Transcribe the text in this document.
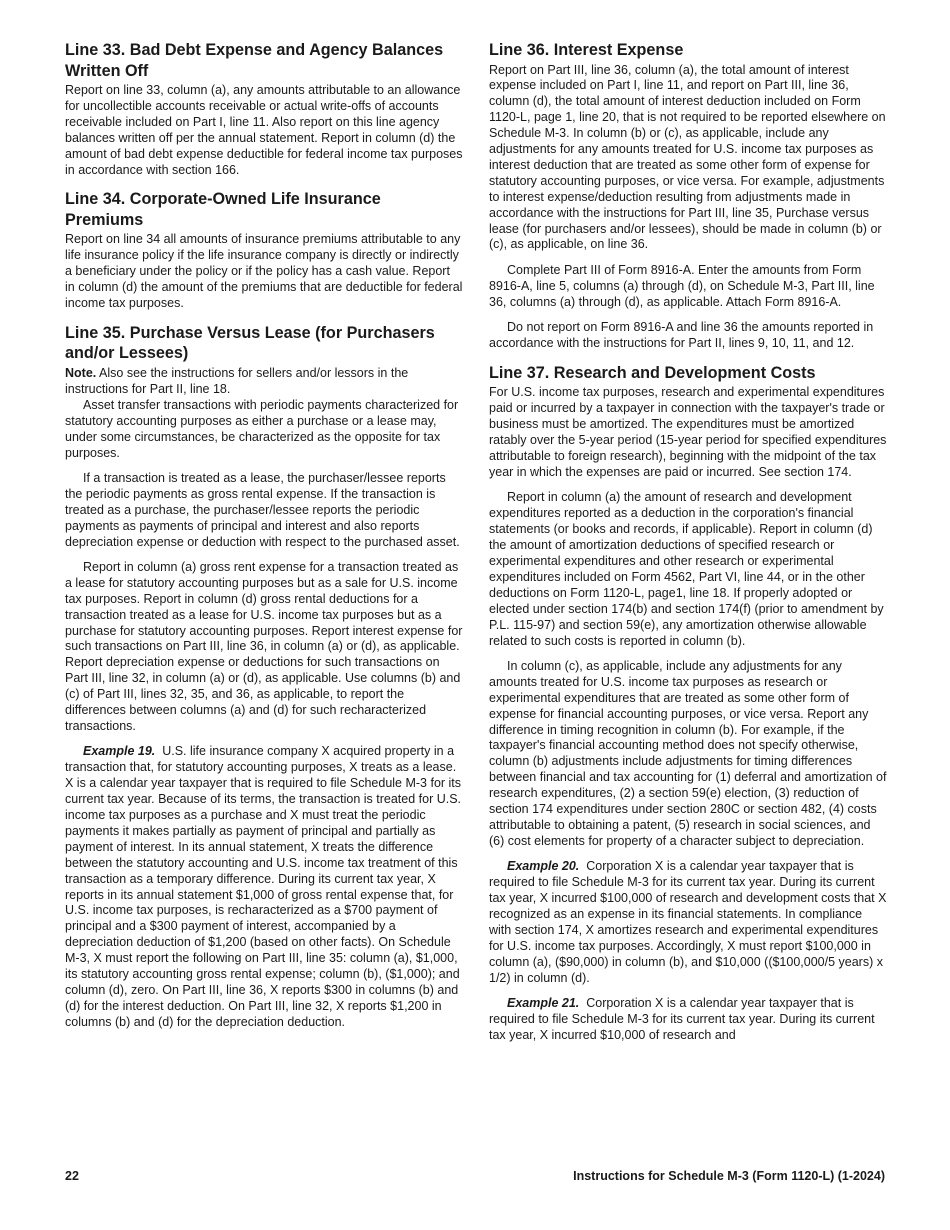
Line 33. Bad Debt Expense and Agency Balances Written Off

Report on line 33, column (a), any amounts attributable to an allowance for uncollectible accounts receivable or actual write-offs of accounts receivable included on Part I, line 11. Also report on this line agency balances written off per the annual statement. Report in column (d) the amount of bad debt expense deductible for federal income tax purposes in accordance with section 166.

Line 34. Corporate-Owned Life Insurance Premiums

Report on line 34 all amounts of insurance premiums attributable to any life insurance policy if the life insurance company is directly or indirectly a beneficiary under the policy or if the policy has a cash value. Report in column (d) the amount of the premiums that are deductible for federal income tax purposes.

Line 35. Purchase Versus Lease (for Purchasers and/or Lessees)

Note. Also see the instructions for sellers and/or lessors in the instructions for Part II, line 18.

Asset transfer transactions with periodic payments characterized for statutory accounting purposes as either a purchase or a lease may, under some circumstances, be characterized as the opposite for tax purposes.

If a transaction is treated as a lease, the purchaser/lessee reports the periodic payments as gross rental expense. If the transaction is treated as a purchase, the purchaser/lessee reports the periodic payments as payments of principal and interest and also reports depreciation expense or deduction with respect to the purchased asset.

Report in column (a) gross rent expense for a transaction treated as a lease for statutory accounting purposes but as a sale for U.S. income tax purposes. Report in column (d) gross rental deductions for a transaction treated as a lease for U.S. income tax purposes but as a purchase for statutory accounting purposes. Report interest expense for such transactions on Part III, line 36, in column (a) or (d), as applicable. Report depreciation expense or deductions for such transactions on Part III, line 32, in column (a) or (d), as applicable. Use columns (b) and (c) of Part III, lines 32, 35, and 36, as applicable, to report the differences between columns (a) and (d) for such recharacterized transactions.

Example 19. U.S. life insurance company X acquired property in a transaction that, for statutory accounting purposes, X treats as a lease. X is a calendar year taxpayer that is required to file Schedule M-3 for its current tax year. Because of its terms, the transaction is treated for U.S. income tax purposes as a purchase and X must treat the periodic payments it makes partially as payment of principal and partially as payment of interest. In its annual statement, X treats the difference between the statutory accounting and U.S. income tax treatment of this transaction as a temporary difference. During its current tax year, X reports in its annual statement $1,000 of gross rental expense that, for U.S. income tax purposes, is recharacterized as a $700 payment of principal and a $300 payment of interest, accompanied by a depreciation deduction of $1,200 (based on other facts). On Schedule M-3, X must report the following on Part III, line 35: column (a), $1,000, its statutory accounting gross rental expense; column (b), ($1,000); and column (d), zero. On Part III, line 36, X reports $300 in columns (b) and (d) for the interest deduction. On Part III, line 32, X reports $1,200 in columns (b) and (d) for the depreciation deduction.

Line 36. Interest Expense

Report on Part III, line 36, column (a), the total amount of interest expense included on Part I, line 11, and report on Part III, line 36, column (d), the total amount of interest deduction included on Form 1120-L, page 1, line 20, that is not required to be reported elsewhere on Schedule M-3. In column (b) or (c), as applicable, include any adjustments for any amounts treated for U.S. income tax purposes as interest deduction that are treated as some other form of expense for statutory accounting purposes, or vice versa. For example, adjustments to interest expense/deduction resulting from adjustments made in accordance with the instructions for Part III, line 35, Purchase versus lease (for purchasers and/or lessees), should be made in column (b) or (c), as applicable, on line 36.

Complete Part III of Form 8916-A. Enter the amounts from Form 8916-A, line 5, columns (a) through (d), on Schedule M-3, Part III, line 36, columns (a) through (d), as applicable. Attach Form 8916-A.

Do not report on Form 8916-A and line 36 the amounts reported in accordance with the instructions for Part II, lines 9, 10, 11, and 12.

Line 37. Research and Development Costs

For U.S. income tax purposes, research and experimental expenditures paid or incurred by a taxpayer in connection with the taxpayer's trade or business must be amortized. The expenditures must be amortized ratably over the 5-year period (15-year period for specified expenditures attributable to foreign research), beginning with the midpoint of the tax year in which the expenses are paid or incurred. See section 174.

Report in column (a) the amount of research and development expenditures reported as a deduction in the corporation's financial statements (or books and records, if applicable). Report in column (d) the amount of amortization deductions of specified research or experimental expenditures and other research or experimental expenditures included on Form 4562, Part VI, line 44, or in the other deductions on Form 1120-L, page1, line 18. If properly adopted or elected under section 174(b) and section 174(f) (prior to amendment by P.L. 115-97) and section 59(e), any amortization otherwise allowable related to such costs is reported in column (b).

In column (c), as applicable, include any adjustments for any amounts treated for U.S. income tax purposes as research or experimental expenditures that are treated as some other form of expense for financial accounting purposes, or vice versa. Report any difference in timing recognition in column (b). For example, if the taxpayer's financial accounting method does not specify otherwise, column (b) adjustments include adjustments for timing differences between financial and tax accounting for (1) deferral and amortization of research expenditures, (2) a section 59(e) election, (3) reduction of section 174 expenditures under section 280C or section 482, (4) costs attributable to obtaining a patent, (5) research in social sciences, and (6) cost elements for property of a character subject to depreciation.

Example 20. Corporation X is a calendar year taxpayer that is required to file Schedule M-3 for its current tax year. During its current tax year, X incurred $100,000 of research and development costs that X recognized as an expense in its financial statements. In compliance with section 174, X amortizes research and experimental expenditures for U.S. income tax purposes. Accordingly, X must report $100,000 in column (a), ($90,000) in column (b), and $10,000 (($100,000/5 years) x 1/2) in column (d).

Example 21. Corporation X is a calendar year taxpayer that is required to file Schedule M-3 for its current tax year. During its current tax year, X incurred $10,000 of research and

22	Instructions for Schedule M-3 (Form 1120-L) (1-2024)
